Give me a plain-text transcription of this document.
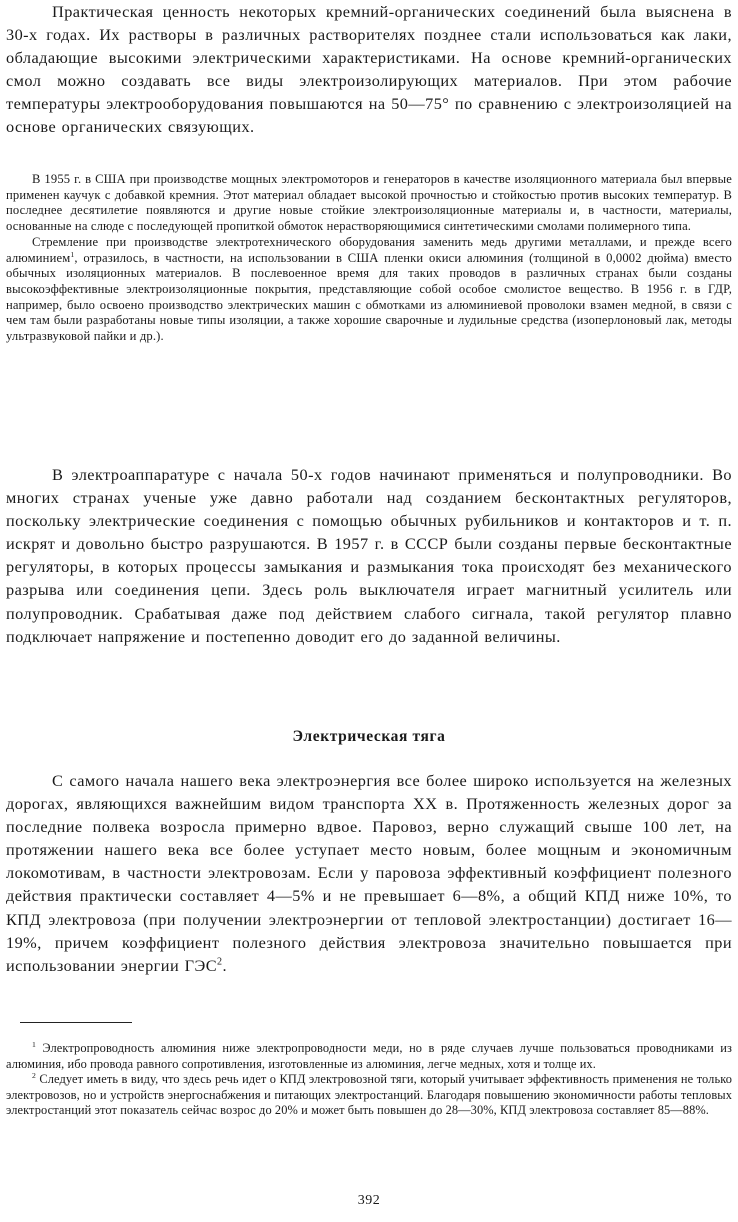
Практическая ценность некоторых кремний-органических соединений была выяснена в 30-х годах. Их растворы в различных растворителях позднее стали использоваться как лаки, обладающие высокими электрическими характеристиками. На основе кремний-органических смол можно создавать все виды электроизолирующих материалов. При этом рабочие температуры электрооборудования повышаются на 50—75° по сравнению с электроизоляцией на основе органических связующих.

В 1955 г. в США при производстве мощных электромоторов и генераторов в качестве изоляционного материала был впервые применен каучук с добавкой кремния. Этот материал обладает высокой прочностью и стойкостью против высоких температур. В последнее десятилетие появляются и другие новые стойкие электроизоляционные материалы и, в частности, материалы, основанные на слюде с последующей пропиткой обмоток нерастворяющимися синтетическими смолами полимерного типа.

Стремление при производстве электротехнического оборудования заменить медь другими металлами, и прежде всего алюминием$^1$, отразилось, в частности, на использовании в США пленки окиси алюминия (толщиной в 0,0002 дюйма) вместо обычных изоляционных материалов. В послевоенное время для таких проводов в различных странах были созданы высокоэффективные электроизоляционные покрытия, представляющие собой особое смолистое вещество. В 1956 г. в ГДР, например, было освоено производство электрических машин с обмотками из алюминиевой проволоки взамен медной, в связи с чем там были разработаны новые типы изоляции, а также хорошие сварочные и лудильные средства (изоперлоновый лак, методы ультразвуковой пайки и др.).

В электроаппаратуре с начала 50-х годов начинают применяться и полупроводники. Во многих странах ученые уже давно работали над созданием бесконтактных регуляторов, поскольку электрические соединения с помощью обычных рубильников и контакторов и т. п. искрят и довольно быстро разрушаются. В 1957 г. в СССР были созданы первые бесконтактные регуляторы, в которых процессы замыкания и размыкания тока происходят без механического разрыва или соединения цепи. Здесь роль выключателя играет магнитный усилитель или полупроводник. Срабатывая даже под действием слабого сигнала, такой регулятор плавно подключает напряжение и постепенно доводит его до заданной величины.

Электрическая тяга

С самого начала нашего века электроэнергия все более широко используется на железных дорогах, являющихся важнейшим видом транспорта XX в. Протяженность железных дорог за последние полвека возросла примерно вдвое. Паровоз, верно служащий свыше 100 лет, на протяжении нашего века все более уступает место новым, более мощным и экономичным локомотивам, в частности электровозам. Если у паровоза эффективный коэффициент полезного действия практически составляет 4—5% и не превышает 6—8%, а общий КПД ниже 10%, то КПД электровоза (при получении электроэнергии от тепловой электростанции) достигает 16—19%, причем коэффициент полезного действия электровоза значительно повышается при использовании энергии ГЭС$^2$.

$^1$ Электропроводность алюминия ниже электропроводности меди, но в ряде случаев лучше пользоваться проводниками из алюминия, ибо провода равного сопротивления, изготовленные из алюминия, легче медных, хотя и толще их.

$^2$ Следует иметь в виду, что здесь речь идет о КПД электровозной тяги, который учитывает эффективность применения не только электровозов, но и устройств энергоснабжения и питающих электростанций. Благодаря повышению экономичности работы тепловых электростанций этот показатель сейчас возрос до 20% и может быть повышен до 28—30%, КПД электровоза составляет 85—88%.

392
